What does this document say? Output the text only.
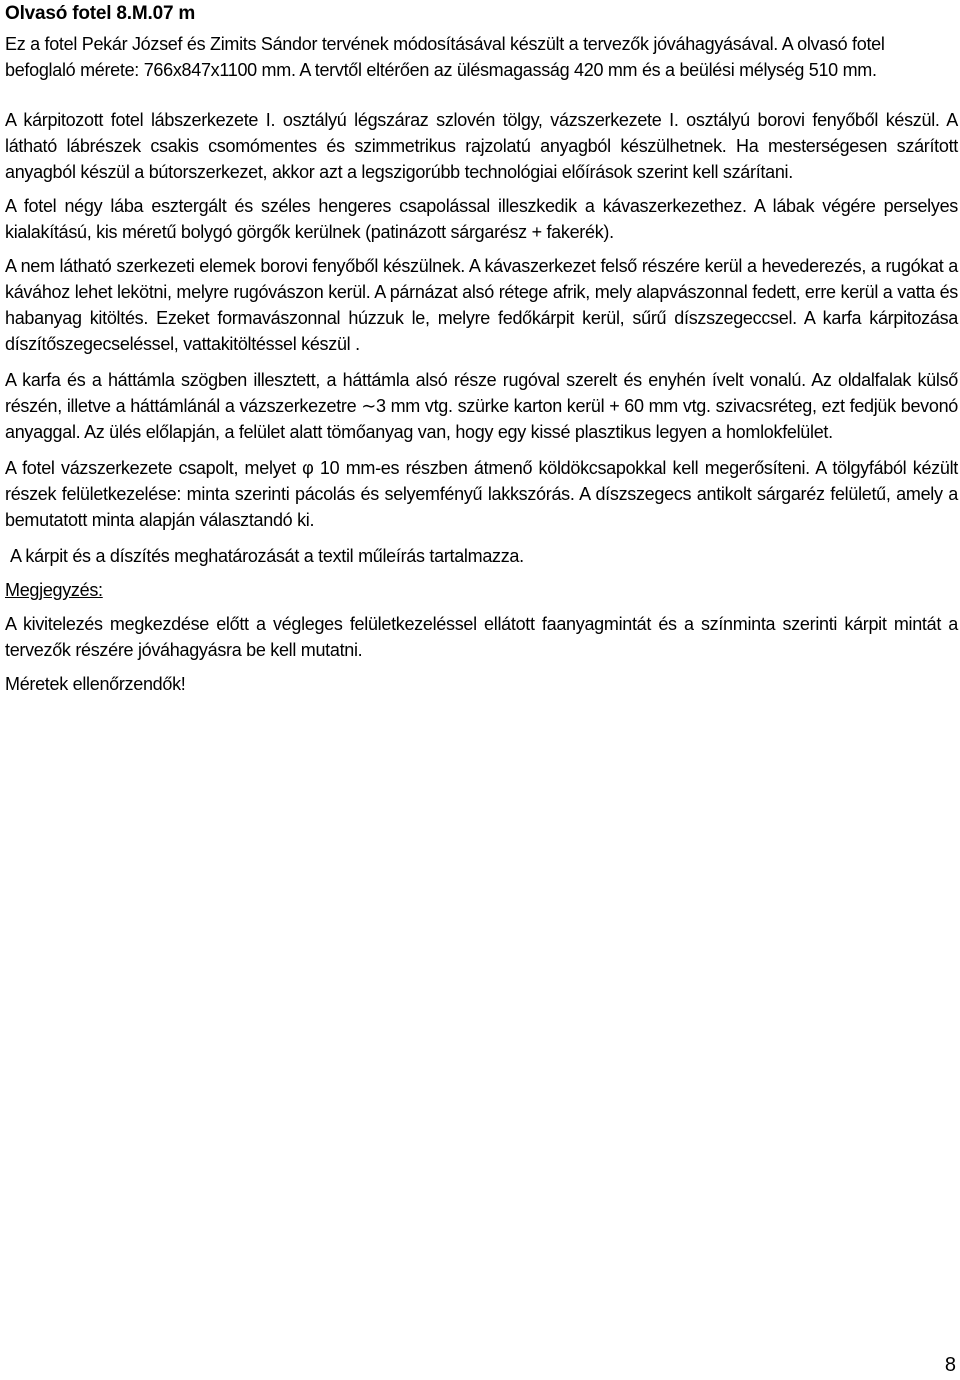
Olvasó fotel 8.M.07 m

Ez a fotel Pekár József és Zimits Sándor tervének módosításával készült a tervezők jóváhagyásával. A olvasó fotel befoglaló mérete: 766x847x1100 mm. A tervtől eltérően az ülésmagasság 420 mm és a beülési mélység 510 mm.

A kárpitozott fotel lábszerkezete I. osztályú légszáraz szlovén tölgy, vázszerkezete I. osztályú borovi fenyőből készül. A látható lábrészek csakis csomómentes és szimmetrikus rajzolatú anyagból készülhetnek. Ha mesterségesen szárított anyagból készül a bútorszerkezet, akkor azt a legszigorúbb technológiai előírások szerint kell szárítani.

A fotel négy lába esztergált és széles hengeres csapolással illeszkedik a kávaszerkezethez. A lábak végére perselyes kialakítású, kis méretű bolygó görgők kerülnek (patinázott sárgarész + fakerék).

A nem látható szerkezeti elemek borovi fenyőből készülnek. A kávaszerkezet felső részére kerül a hevederezés, a rugókat a kávához lehet lekötni, melyre rugóvászon kerül. A párnázat alsó rétege afrik, mely alapvászonnal fedett, erre kerül a vatta és habanyag kitöltés. Ezeket formavászonnal húzzuk le, melyre fedőkárpit kerül, sűrű díszszegeccsel. A karfa kárpitozása díszítőszegecseléssel, vattakitöltéssel készül .

A karfa és a háttámla szögben illesztett, a háttámla alsó része rugóval szerelt és enyhén ívelt vonalú. Az oldalfalak külső részén, illetve a háttámlánál a vázszerkezetre ∼3 mm vtg. szürke karton kerül + 60 mm vtg. szivacsréteg, ezt fedjük bevonó anyaggal. Az ülés előlapján, a felület alatt tömőanyag van, hogy egy kissé plasztikus legyen a homlokfelület.

A fotel vázszerkezete csapolt, melyet φ 10 mm-es részben átmenő köldökcsapokkal kell megerősíteni. A tölgyfából kézült részek felületkezelése: minta szerinti pácolás és selyemfényű lakkszórás. A díszszegecs antikolt sárgaréz felületű, amely a bemutatott minta alapján választandó ki.

A kárpit és a díszítés meghatározását a textil műleírás tartalmazza.

Megjegyzés:

A kivitelezés megkezdése előtt a végleges felületkezeléssel ellátott faanyagmintát és a színminta szerinti kárpit mintát a tervezők részére jóváhagyásra be kell mutatni.

Méretek ellenőrzendők!

8
